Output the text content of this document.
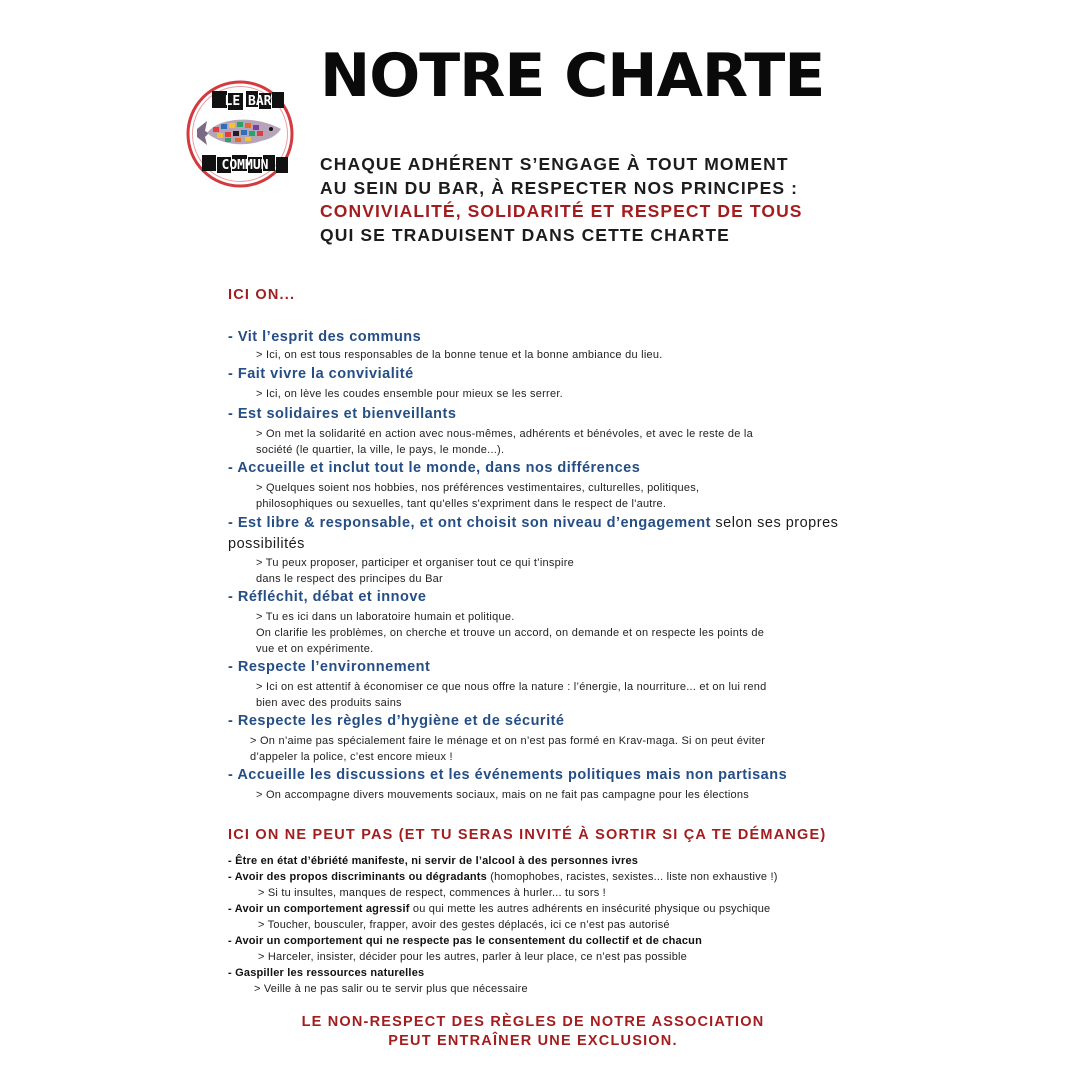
LE BAR
COMMUN
NOTRE CHARTE
CHAQUE ADHÉRENT S’ENGAGE À TOUT MOMENT
AU SEIN DU BAR, À RESPECTER NOS PRINCIPES :
CONVIVIALITÉ, SOLIDARITÉ ET RESPECT DE TOUS
QUI SE TRADUISENT DANS CETTE CHARTE
ICI ON...
- Vit l’esprit des communs
> Ici, on est tous responsables de la bonne tenue et la bonne ambiance du lieu.
- Fait vivre la convivialité
> Ici, on lève les coudes ensemble pour mieux se les serrer.
- Est solidaires et bienveillants
> On met la solidarité en action avec nous-mêmes, adhérents et bénévoles, et avec le reste de la
société (le quartier, la ville, le pays, le monde...).
- Accueille et inclut tout le monde, dans nos différences
> Quelques soient nos hobbies, nos préférences vestimentaires, culturelles, politiques,
philosophiques ou sexuelles, tant qu'elles s'expriment dans le respect de l'autre.
- Est libre & responsable, et ont choisit son niveau d’engagement selon ses propres possibilités
> Tu peux proposer, participer et organiser tout ce qui t’inspire
dans le respect des principes du Bar
- Réfléchit, débat et innove
> Tu es ici dans un laboratoire humain et politique.
On clarifie les problèmes, on cherche et trouve un accord, on demande et on respecte les points de
vue et on expérimente.
- Respecte l’environnement
> Ici on est attentif à économiser ce que nous offre la nature : l’énergie, la nourriture... et on lui rend
bien avec des produits sains
- Respecte les règles d’hygiène et de sécurité
> On n’aime pas spécialement faire le ménage et on n’est pas formé en Krav-maga. Si on peut éviter
d’appeler la police, c’est encore mieux !
- Accueille les discussions et les événements politiques mais non partisans
> On accompagne divers mouvements sociaux, mais on ne fait pas campagne pour les élections
ICI ON NE PEUT PAS (ET TU SERAS INVITÉ À SORTIR SI ÇA TE DÉMANGE)
- Être en état d’ébriété manifeste, ni servir de l’alcool à des personnes ivres
- Avoir des propos discriminants ou dégradants (homophobes, racistes, sexistes... liste non exhaustive !)
> Si tu insultes, manques de respect, commences à hurler... tu sors !
- Avoir un comportement agressif ou qui mette les autres adhérents en insécurité physique ou psychique
> Toucher, bousculer, frapper, avoir des gestes déplacés, ici ce n’est pas autorisé
- Avoir un comportement qui ne respecte pas le consentement du collectif et de chacun
> Harceler, insister, décider pour les autres, parler à leur place, ce n’est pas possible
- Gaspiller les ressources naturelles
> Veille à ne pas salir ou te servir plus que nécessaire
LE NON-RESPECT DES RÈGLES DE NOTRE ASSOCIATION
PEUT ENTRAÎNER UNE EXCLUSION.
